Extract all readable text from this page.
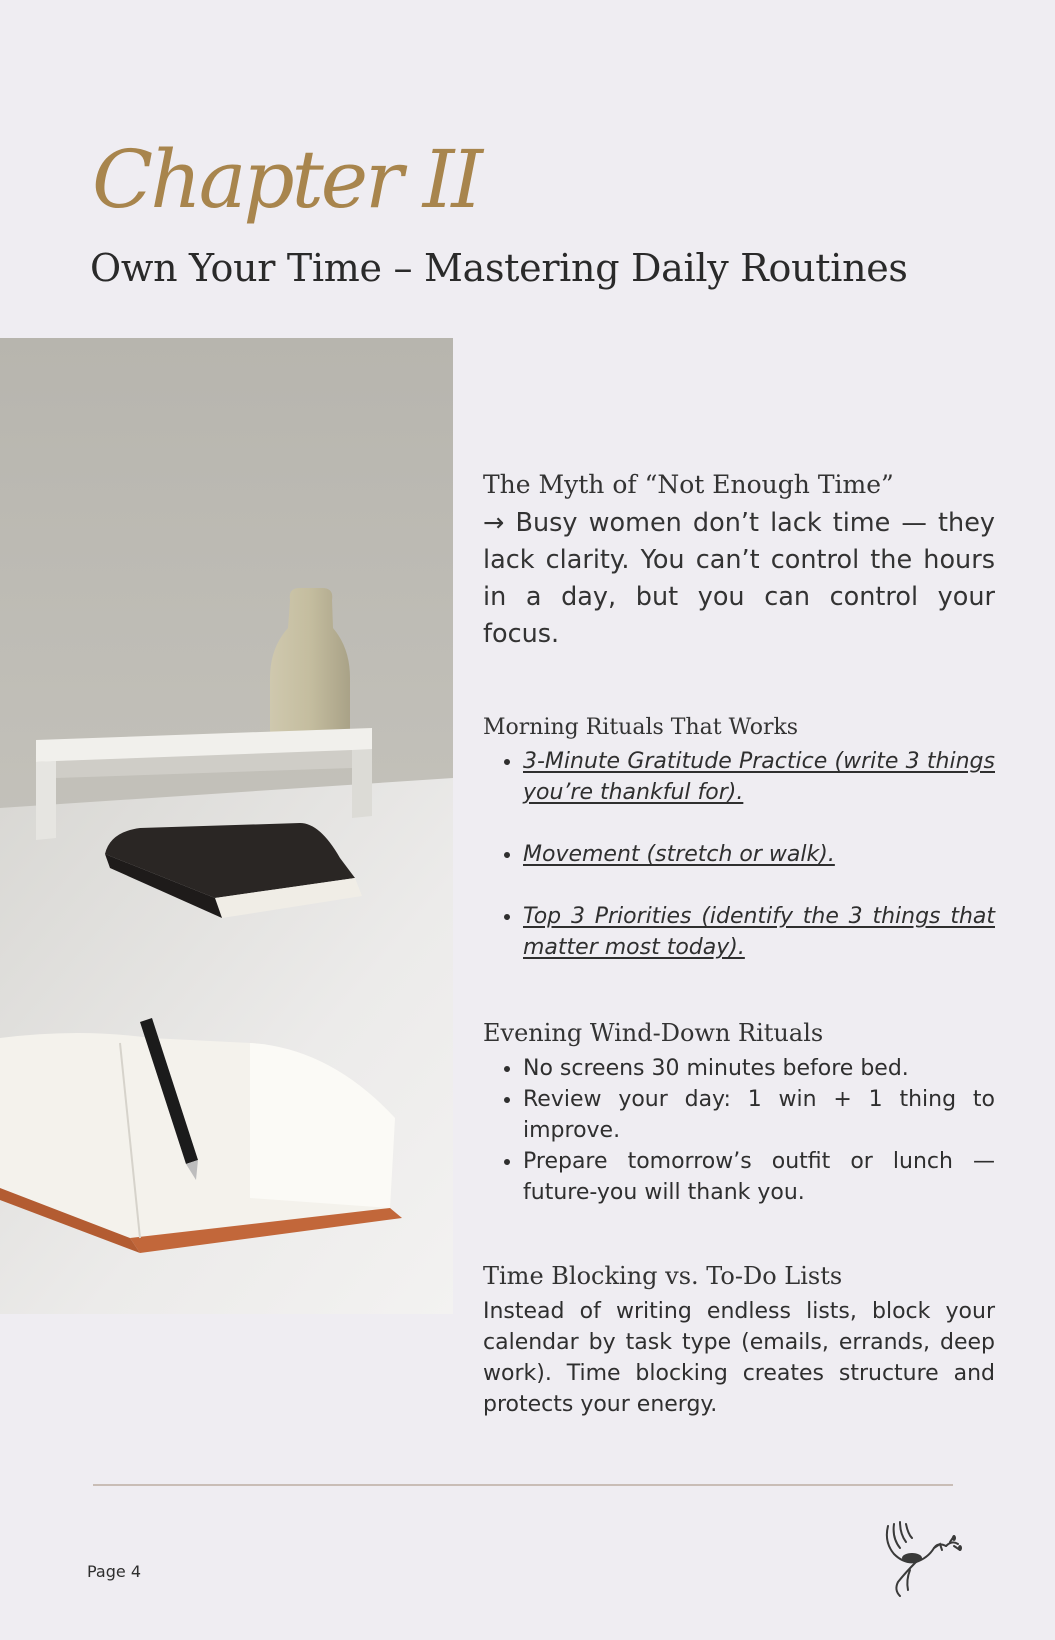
Chapter II
Own Your Time – Mastering Daily Routines
The Myth of “Not Enough Time”

→ Busy women don’t lack time — they lack clarity. You can’t control the hours in a day, but you can control your focus.

Morning Rituals That Works
• 3-Minute Gratitude Practice (write 3 things you’re thankful for).
• Movement (stretch or walk).
• Top 3 Priorities (identify the 3 things that matter most today).
Evening Wind-Down Rituals
• No screens 30 minutes before bed.
• Review your day: 1 win + 1 thing to improve.
• Prepare tomorrow’s outfit or lunch — future-you will thank you.
Time Blocking vs. To-Do Lists

Instead of writing endless lists, block your calendar by task type (emails, errands, deep work). Time blocking creates structure and protects your energy.

Page 4
